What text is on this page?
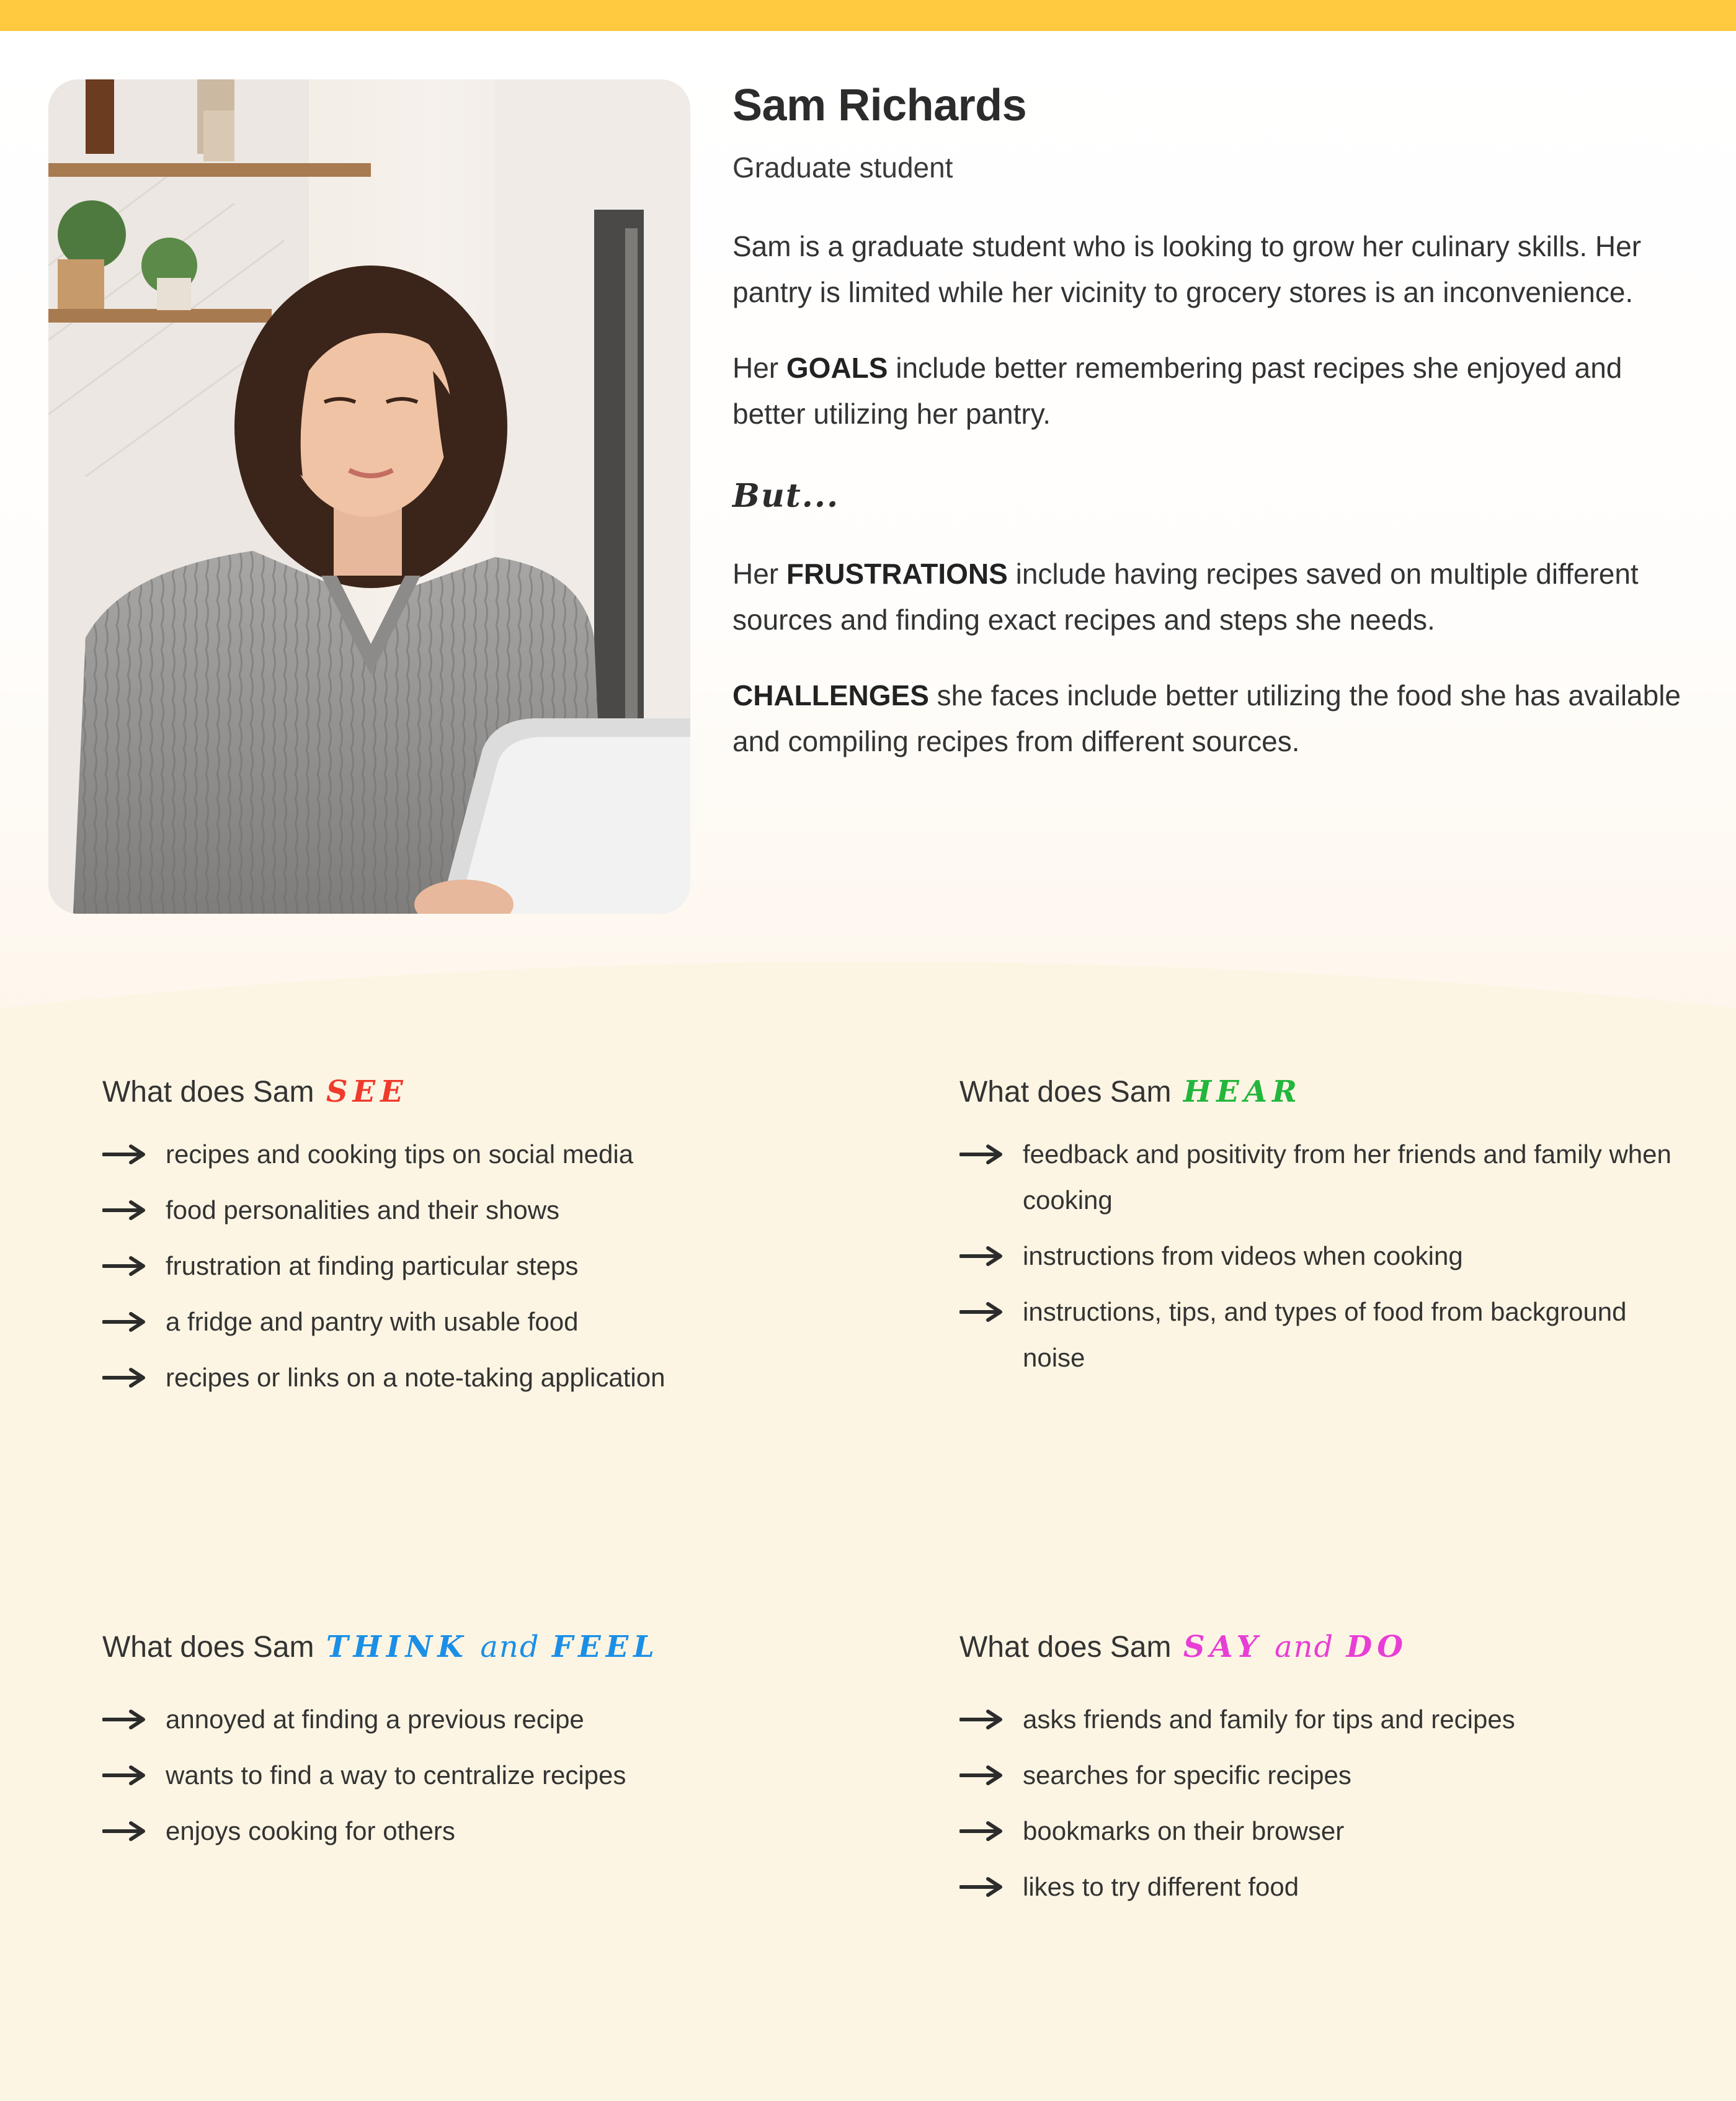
Sam Richards
Graduate student
Sam is a graduate student who is looking to grow her culinary skills. Her pantry is limited while her vicinity to grocery stores is an inconvenience.
Her GOALS include better remembering past recipes she enjoyed and better utilizing her pantry.
But...
Her FRUSTRATIONS include having recipes saved on multiple different sources and finding exact recipes and steps she needs.
CHALLENGES she faces include better utilizing the food she has available and compiling recipes from different sources.
What does Sam SEE
recipes and cooking tips on social media
food personalities and their shows
frustration at finding particular steps
a fridge and pantry with usable food
recipes or links on a note-taking application
What does Sam HEAR
feedback and positivity from her friends and family when cooking
instructions from videos when cooking
instructions, tips, and types of food from background noise
What does Sam THINK and FEEL
annoyed at finding a previous recipe
wants to find a way to centralize recipes
enjoys cooking for others
What does Sam SAY and DO
asks friends and family for tips and recipes
searches for specific recipes
bookmarks on their browser
likes to try different food
